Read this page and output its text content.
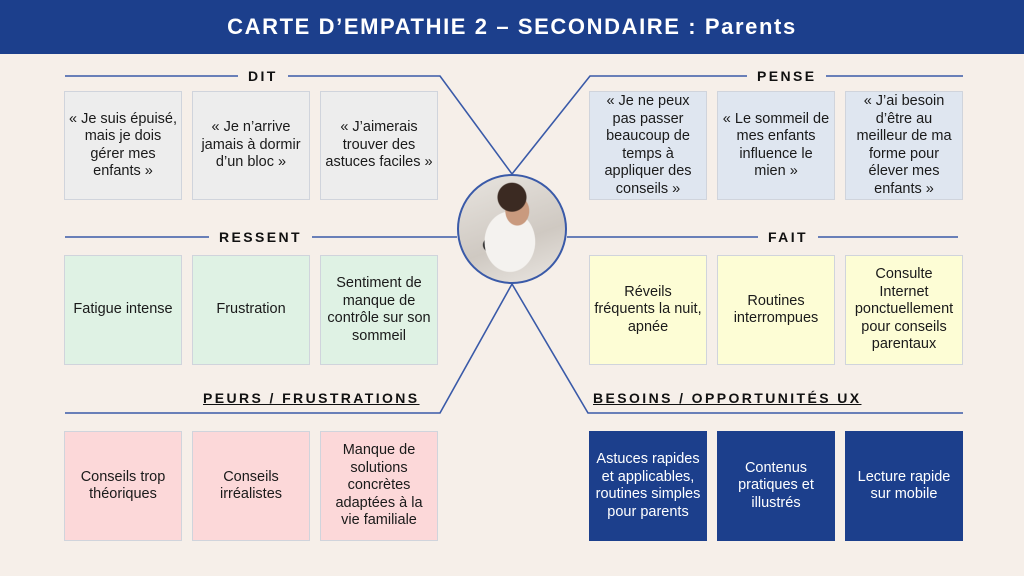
CARTE D’EMPATHIE 2 – SECONDAIRE : Parents
DIT
« Je suis épuisé, mais je dois gérer mes enfants »
« Je n’arrive jamais à dormir d’un bloc »
« J’aimerais trouver des astuces faciles »
PENSE
« Je ne peux pas passer beaucoup de temps à appliquer des conseils »
« Le sommeil de mes enfants influence le mien »
« J’ai besoin d’être au meilleur de ma forme pour élever mes enfants »
RESSENT
Fatigue intense	Frustration
Sentiment de manque de contrôle sur son sommeil
FAIT
Réveils fréquents la nuit, apnée
Routines interrompues
Consulte Internet ponctuellement pour conseils parentaux
PEURS / FRUSTRATIONS
Conseils trop théoriques
Conseils irréalistes
Manque de solutions concrètes adaptées à la vie familiale
BESOINS / OPPORTUNITÉS UX
Astuces rapides et applicables, routines simples pour parents
Contenus pratiques et illustrés
Lecture rapide sur mobile
